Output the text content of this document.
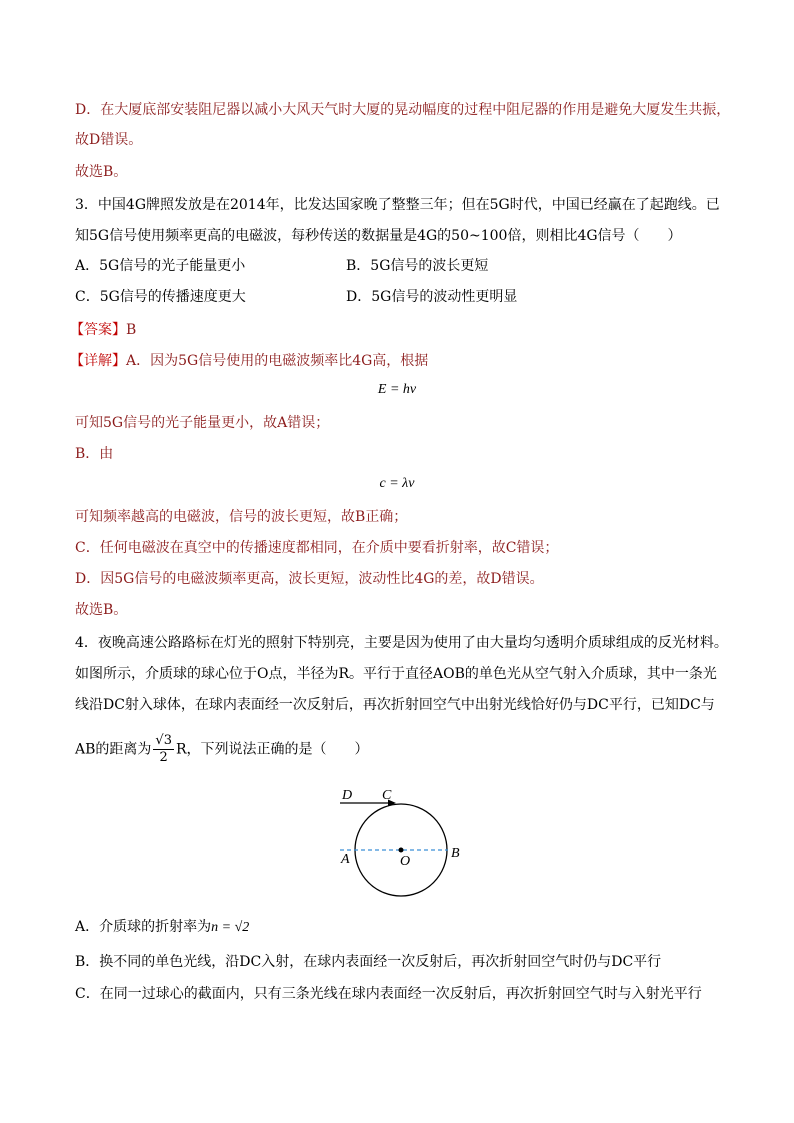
D．在大厦底部安装阻尼器以减小大风天气时大厦的晃动幅度的过程中阻尼器的作用是避免大厦发生共振，
故D错误。
故选B。
3．中国4G牌照发放是在2014年，比发达国家晚了整整三年；但在5G时代，中国已经赢在了起跑线。已
知5G信号使用频率更高的电磁波，每秒传送的数据量是4G的50~100倍，则相比4G信号（　　）
A．5G信号的光子能量更小	B．5G信号的波长更短
C．5G信号的传播速度更大	D．5G信号的波动性更明显
【答案】B
【详解】A．因为5G信号使用的电磁波频率比4G高，根据
E = hν
可知5G信号的光子能量更小，故A错误；
B．由
c = λν
可知频率越高的电磁波，信号的波长更短，故B正确；
C．任何电磁波在真空中的传播速度都相同，在介质中要看折射率，故C错误；
D．因5G信号的电磁波频率更高，波长更短，波动性比4G的差，故D错误。
故选B。
4．夜晚高速公路路标在灯光的照射下特别亮，主要是因为使用了由大量均匀透明介质球组成的反光材料。
如图所示，介质球的球心位于O点，半径为R。平行于直径AOB的单色光从空气射入介质球，其中一条光
线沿DC射入球体，在球内表面经一次反射后，再次折射回空气中出射光线恰好仍与DC平行，已知DC与
AB的距离为 $\frac{√3}{2}$ R，下列说法正确的是（　　）
D C
A	O
B
A．介质球的折射率为n = √2
B．换不同的单色光线，沿DC入射，在球内表面经一次反射后，再次折射回空气时仍与DC平行
C．在同一过球心的截面内，只有三条光线在球内表面经一次反射后，再次折射回空气时与入射光平行
